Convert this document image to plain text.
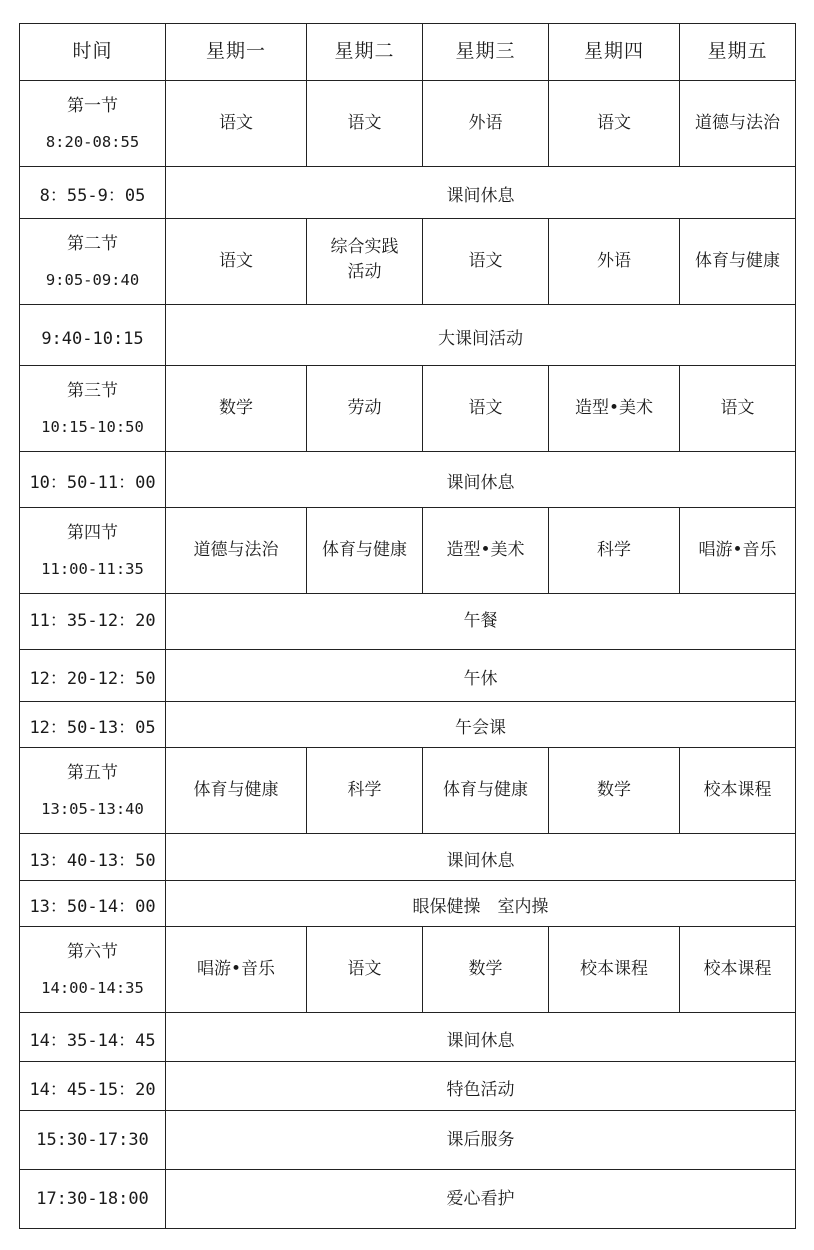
时间	星期一	星期二	星期三	星期四	星期五

第一节
8:20-08:55	语文	语文	外语	语文	道德与法治
8：55-9：05	课间休息				

第二节
9:05-09:40	语文	综合实践活动	语文	外语	体育与健康
9:40-10:15	大课间活动				

第三节
10:15-10:50	数学	劳动	语文	造型•美术	语文
10：50-11：00	课间休息				

第四节
11:00-11:35	道德与法治	体育与健康	造型•美术	科学	唱游•音乐
11：35-12：20	午餐				
12：20-12：50	午休				
12：50-13：05	午会课				

第五节
13:05-13:40	体育与健康	科学	体育与健康	数学	校本课程
13：40-13：50	课间休息				
13：50-14：00	眼保健操　室内操				

第六节
14:00-14:35	唱游•音乐	语文	数学	校本课程	校本课程
14：35-14：45	课间休息				
14：45-15：20	特色活动				
15:30-17:30	课后服务				
17:30-18:00	爱心看护				
